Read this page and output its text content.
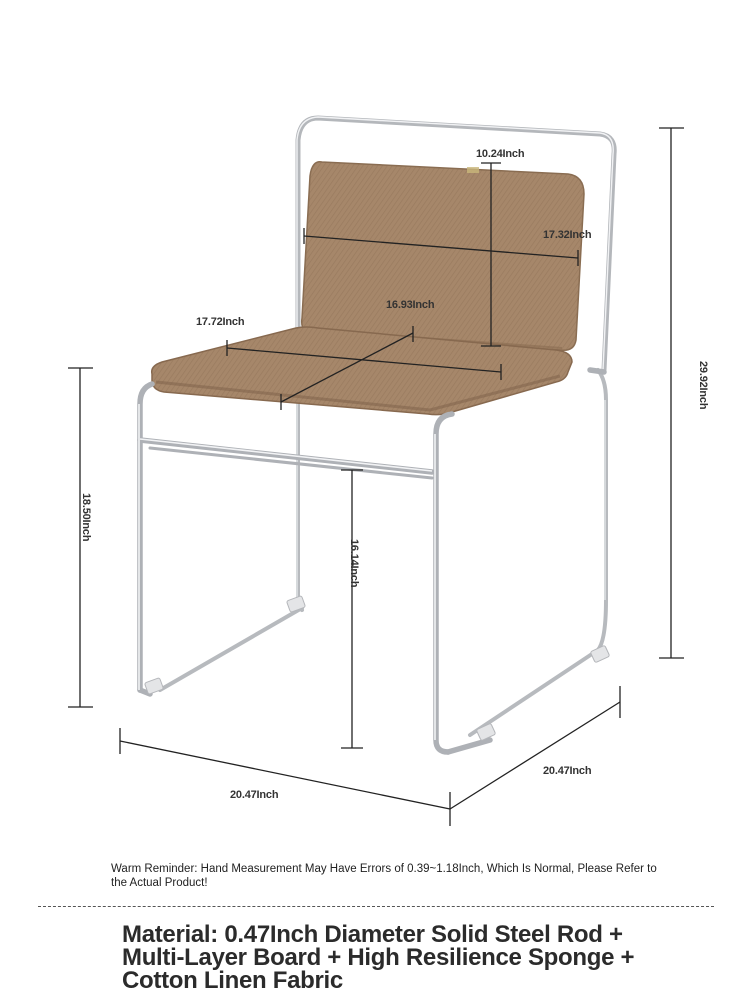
10.24Inch
17.32Inch
16.93Inch
17.72Inch
29.92Inch
18.50Inch
16.14Inch
20.47Inch
20.47Inch
Warm Reminder: Hand Measurement May Have Errors of 0.39~1.18Inch, Which Is Normal, Please Refer to the Actual Product!
Material: 0.47Inch Diameter Solid Steel Rod + Multi-Layer Board + High Resilience Sponge + Cotton Linen Fabric
